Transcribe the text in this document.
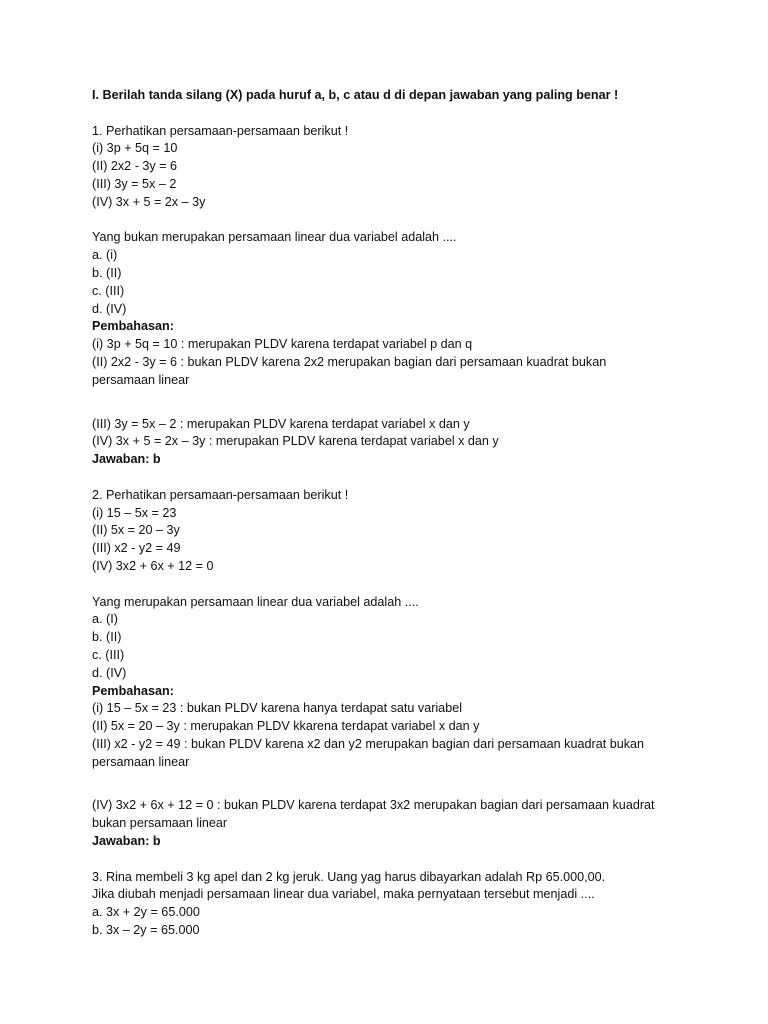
I. Berilah tanda silang (X) pada huruf a, b, c atau d di depan jawaban yang paling benar !
1. Perhatikan persamaan-persamaan berikut !
(i) 3p + 5q = 10
(II) 2x2 - 3y = 6
(III) 3y = 5x – 2
(IV) 3x + 5 = 2x – 3y
Yang bukan merupakan persamaan linear dua variabel adalah ....
a. (i)
b. (II)
c. (III)
d. (IV)
Pembahasan:
(i) 3p + 5q = 10 : merupakan PLDV karena terdapat variabel p dan q
(II) 2x2 - 3y = 6 : bukan PLDV karena 2x2 merupakan bagian dari persamaan kuadrat bukan
persamaan linear
(III) 3y = 5x – 2 : merupakan PLDV karena terdapat variabel x dan y
(IV) 3x + 5 = 2x – 3y : merupakan PLDV karena terdapat variabel x dan y
Jawaban: b
2. Perhatikan persamaan-persamaan berikut !
(i) 15 – 5x = 23
(II) 5x = 20 – 3y
(III) x2 - y2 = 49
(IV) 3x2 + 6x + 12 = 0
Yang merupakan persamaan linear dua variabel adalah ....
a. (I)
b. (II)
c. (III)
d. (IV)
Pembahasan:
(i) 15 – 5x = 23 : bukan PLDV karena hanya terdapat satu variabel
(II) 5x = 20 – 3y : merupakan PLDV kkarena terdapat variabel x dan y
(III) x2 - y2 = 49 : bukan PLDV karena x2 dan y2 merupakan bagian dari persamaan kuadrat bukan
persamaan linear
(IV) 3x2 + 6x + 12 = 0 : bukan PLDV karena terdapat 3x2 merupakan bagian dari persamaan kuadrat
bukan persamaan linear
Jawaban: b
3. Rina membeli 3 kg apel dan 2 kg jeruk. Uang yag harus dibayarkan adalah Rp 65.000,00.
Jika diubah menjadi persamaan linear dua variabel, maka pernyataan tersebut menjadi ....
a. 3x + 2y = 65.000
b. 3x – 2y = 65.000
